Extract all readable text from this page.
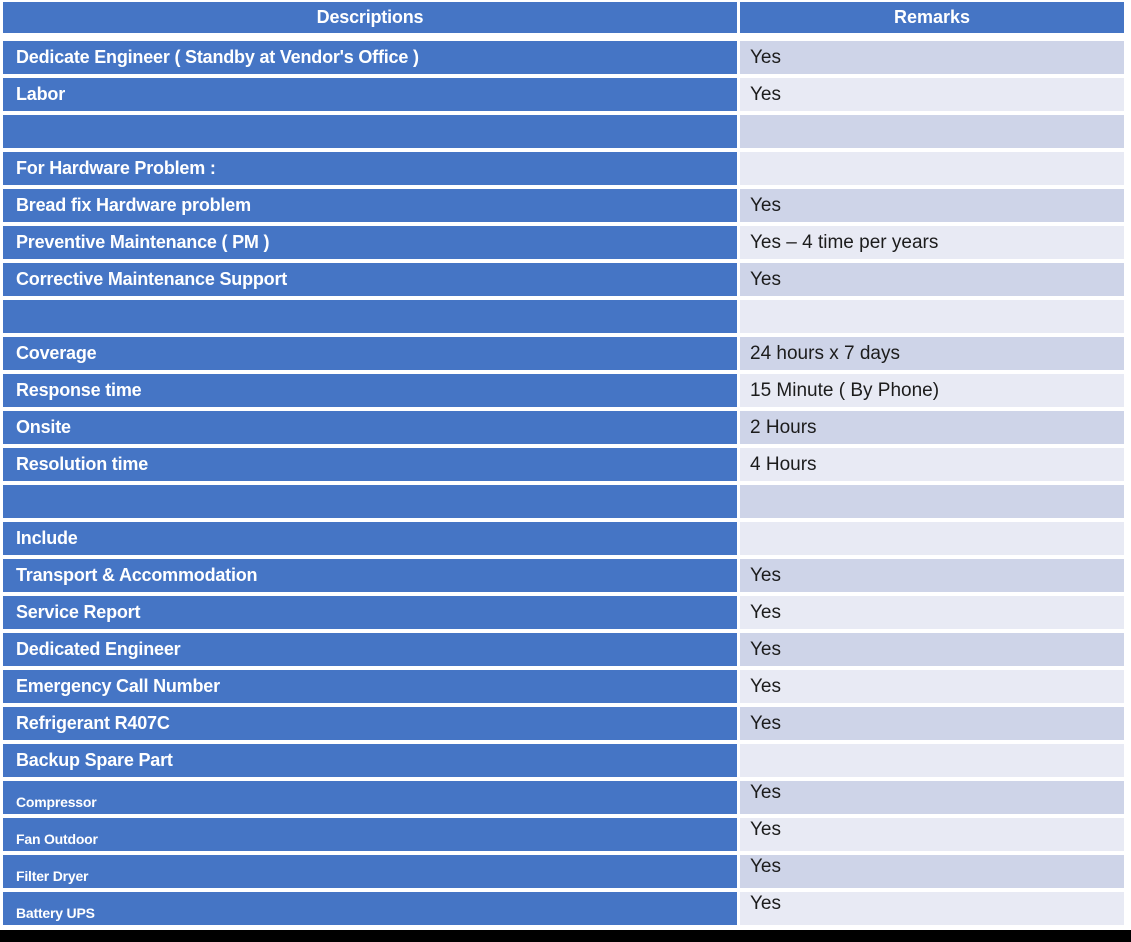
Descriptions	Remarks
Dedicate Engineer ( Standby at Vendor's Office )	Yes
Labor	Yes
For Hardware Problem :
Bread fix Hardware problem	Yes
Preventive Maintenance ( PM )	Yes – 4 time per years
Corrective Maintenance Support	Yes
Coverage	24 hours x 7 days
Response time	15 Minute ( By Phone)
Onsite	2 Hours
Resolution time	4 Hours
Include
Transport & Accommodation	Yes
Service Report	Yes
Dedicated Engineer	Yes
Emergency Call Number	Yes
Refrigerant R407C	Yes
Backup Spare Part
Compressor	Yes
Fan Outdoor	Yes
Filter Dryer	Yes
Battery UPS	Yes
